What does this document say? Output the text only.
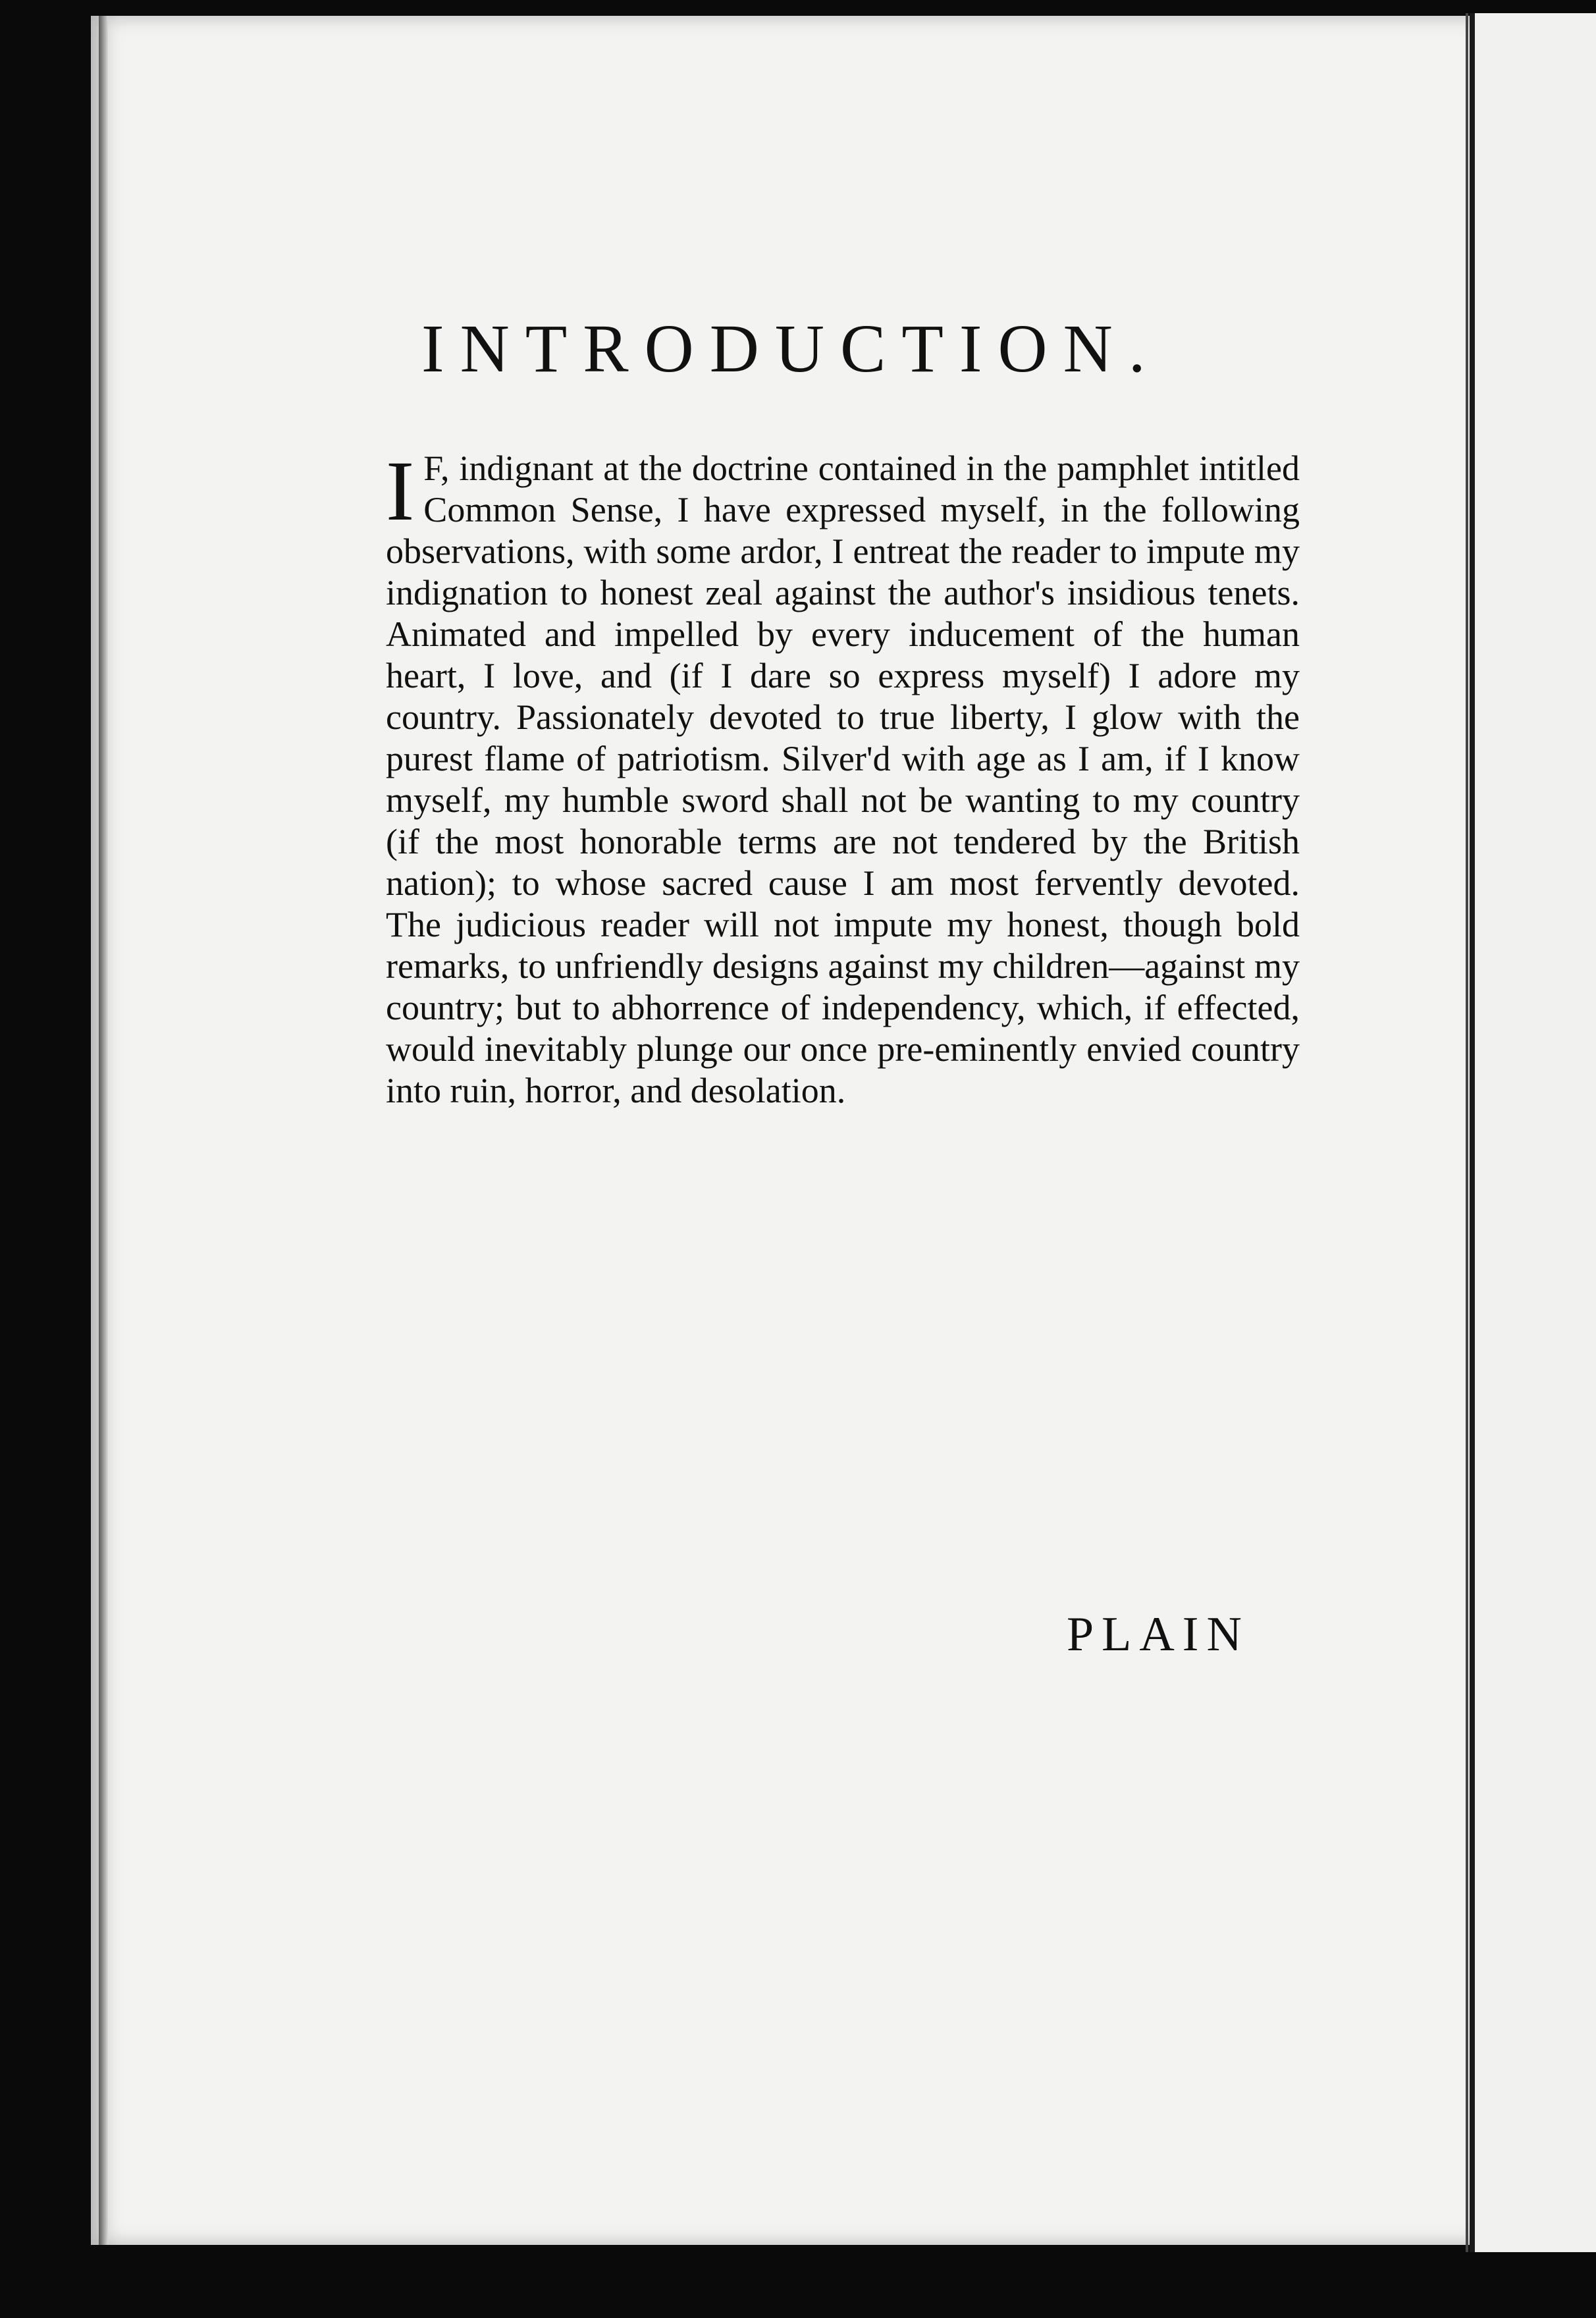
INTRODUCTION.
I F, indignant at the doctrine contained in the pamphlet intitled Common Sense, I have expressed myself, in the following observations, with some ardor, I entreat the reader to impute my indignation to honest zeal against the author's insidious tenets. Animated and impelled by every inducement of the human heart, I love, and (if I dare so express myself) I adore my country. Passionately devoted to true liberty, I glow with the purest flame of patriotism. Silver'd with age as I am, if I know myself, my humble sword shall not be wanting to my country (if the most honorable terms are not tendered by the British nation); to whose sacred cause I am most fervently devoted. The judicious reader will not impute my honest, though bold remarks, to unfriendly designs against my children—against my country; but to abhorrence of independency, which, if effected, would inevitably plunge our once pre-eminently envied country into ruin, horror, and desolation.
PLAIN
